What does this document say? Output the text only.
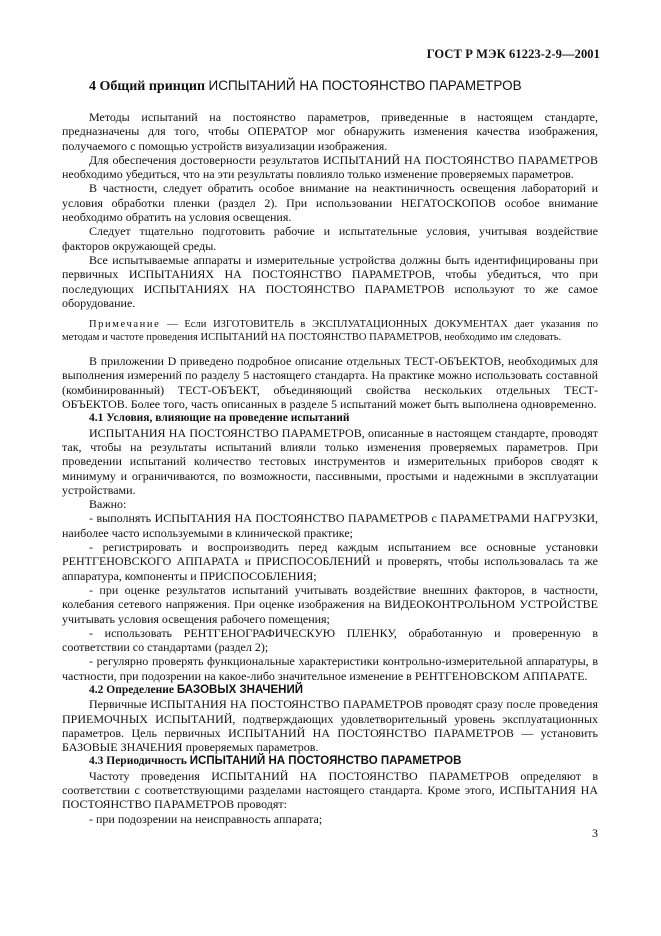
ГОСТ Р МЭК 61223-2-9—2001
4 Общий принцип ИСПЫТАНИЙ НА ПОСТОЯНСТВО ПАРАМЕТРОВ

Методы испытаний на постоянство параметров, приведенные в настоящем стандарте, предназначены для того, чтобы ОПЕРАТОР мог обнаружить изменения качества изображения, получаемого с помощью устройств визуализации изображения.

Для обеспечения достоверности результатов ИСПЫТАНИЙ НА ПОСТОЯНСТВО ПАРАМЕТРОВ необходимо убедиться, что на эти результаты повлияло только изменение проверяемых параметров.

В частности, следует обратить особое внимание на неактиничность освещения лабораторий и условия обработки пленки (раздел 2). При использовании НЕГАТОСКОПОВ особое внимание необходимо обратить на условия освещения.

Следует тщательно подготовить рабочие и испытательные условия, учитывая воздействие факторов окружающей среды.

Все испытываемые аппараты и измерительные устройства должны быть идентифицированы при первичных ИСПЫТАНИЯХ НА ПОСТОЯНСТВО ПАРАМЕТРОВ, чтобы убедиться, что при последующих ИСПЫТАНИЯХ НА ПОСТОЯНСТВО ПАРАМЕТРОВ используют то же самое оборудование.

Примечание — Если ИЗГОТОВИТЕЛЬ в ЭКСПЛУАТАЦИОННЫХ ДОКУМЕНТАХ дает указания по методам и частоте проведения ИСПЫТАНИЙ НА ПОСТОЯНСТВО ПАРАМЕТРОВ, необходимо им следовать.

В приложении D приведено подробное описание отдельных ТЕСТ-ОБЪЕКТОВ, необходимых для выполнения измерений по разделу 5 настоящего стандарта. На практике можно использовать составной (комбинированный) ТЕСТ-ОБЪЕКТ, объединяющий свойства нескольких отдельных ТЕСТ-ОБЪЕКТОВ. Более того, часть описанных в разделе 5 испытаний может быть выполнена одновременно.

4.1 Условия, влияющие на проведение испытаний

ИСПЫТАНИЯ НА ПОСТОЯНСТВО ПАРАМЕТРОВ, описанные в настоящем стандарте, проводят так, чтобы на результаты испытаний влияли только изменения проверяемых параметров. При проведении испытаний количество тестовых инструментов и измерительных приборов сводят к минимуму и ограничиваются, по возможности, пассивными, простыми и надежными в эксплуатации устройствами.

Важно:

- выполнять ИСПЫТАНИЯ НА ПОСТОЯНСТВО ПАРАМЕТРОВ с ПАРАМЕТРАМИ НАГРУЗКИ, наиболее часто используемыми в клинической практике;

- регистрировать и воспроизводить перед каждым испытанием все основные установки РЕНТГЕНОВСКОГО АППАРАТА и ПРИСПОСОБЛЕНИЙ и проверять, чтобы использовалась та же аппаратура, компоненты и ПРИСПОСОБЛЕНИЯ;

- при оценке результатов испытаний учитывать воздействие внешних факторов, в частности, колебания сетевого напряжения. При оценке изображения на ВИДЕОКОНТРОЛЬНОМ УСТРОЙСТВЕ учитывать условия освещения рабочего помещения;

- использовать РЕНТГЕНОГРАФИЧЕСКУЮ ПЛЕНКУ, обработанную и проверенную в соответствии со стандартами (раздел 2);

- регулярно проверять функциональные характеристики контрольно-измерительной аппаратуры, в частности, при подозрении на какое-либо значительное изменение в РЕНТГЕНОВСКОМ АППАРАТЕ.

4.2 Определение БАЗОВЫХ ЗНАЧЕНИЙ

Первичные ИСПЫТАНИЯ НА ПОСТОЯНСТВО ПАРАМЕТРОВ проводят сразу после проведения ПРИЕМОЧНЫХ ИСПЫТАНИЙ, подтверждающих удовлетворительный уровень эксплуатационных параметров. Цель первичных ИСПЫТАНИЙ НА ПОСТОЯНСТВО ПАРАМЕТРОВ — установить БАЗОВЫЕ ЗНАЧЕНИЯ проверяемых параметров.

4.3 Периодичность ИСПЫТАНИЙ НА ПОСТОЯНСТВО ПАРАМЕТРОВ

Частоту проведения ИСПЫТАНИЙ НА ПОСТОЯНСТВО ПАРАМЕТРОВ определяют в соответствии с соответствующими разделами настоящего стандарта. Кроме этого, ИСПЫТАНИЯ НА ПОСТОЯНСТВО ПАРАМЕТРОВ проводят:

- при подозрении на неисправность аппарата;

3
